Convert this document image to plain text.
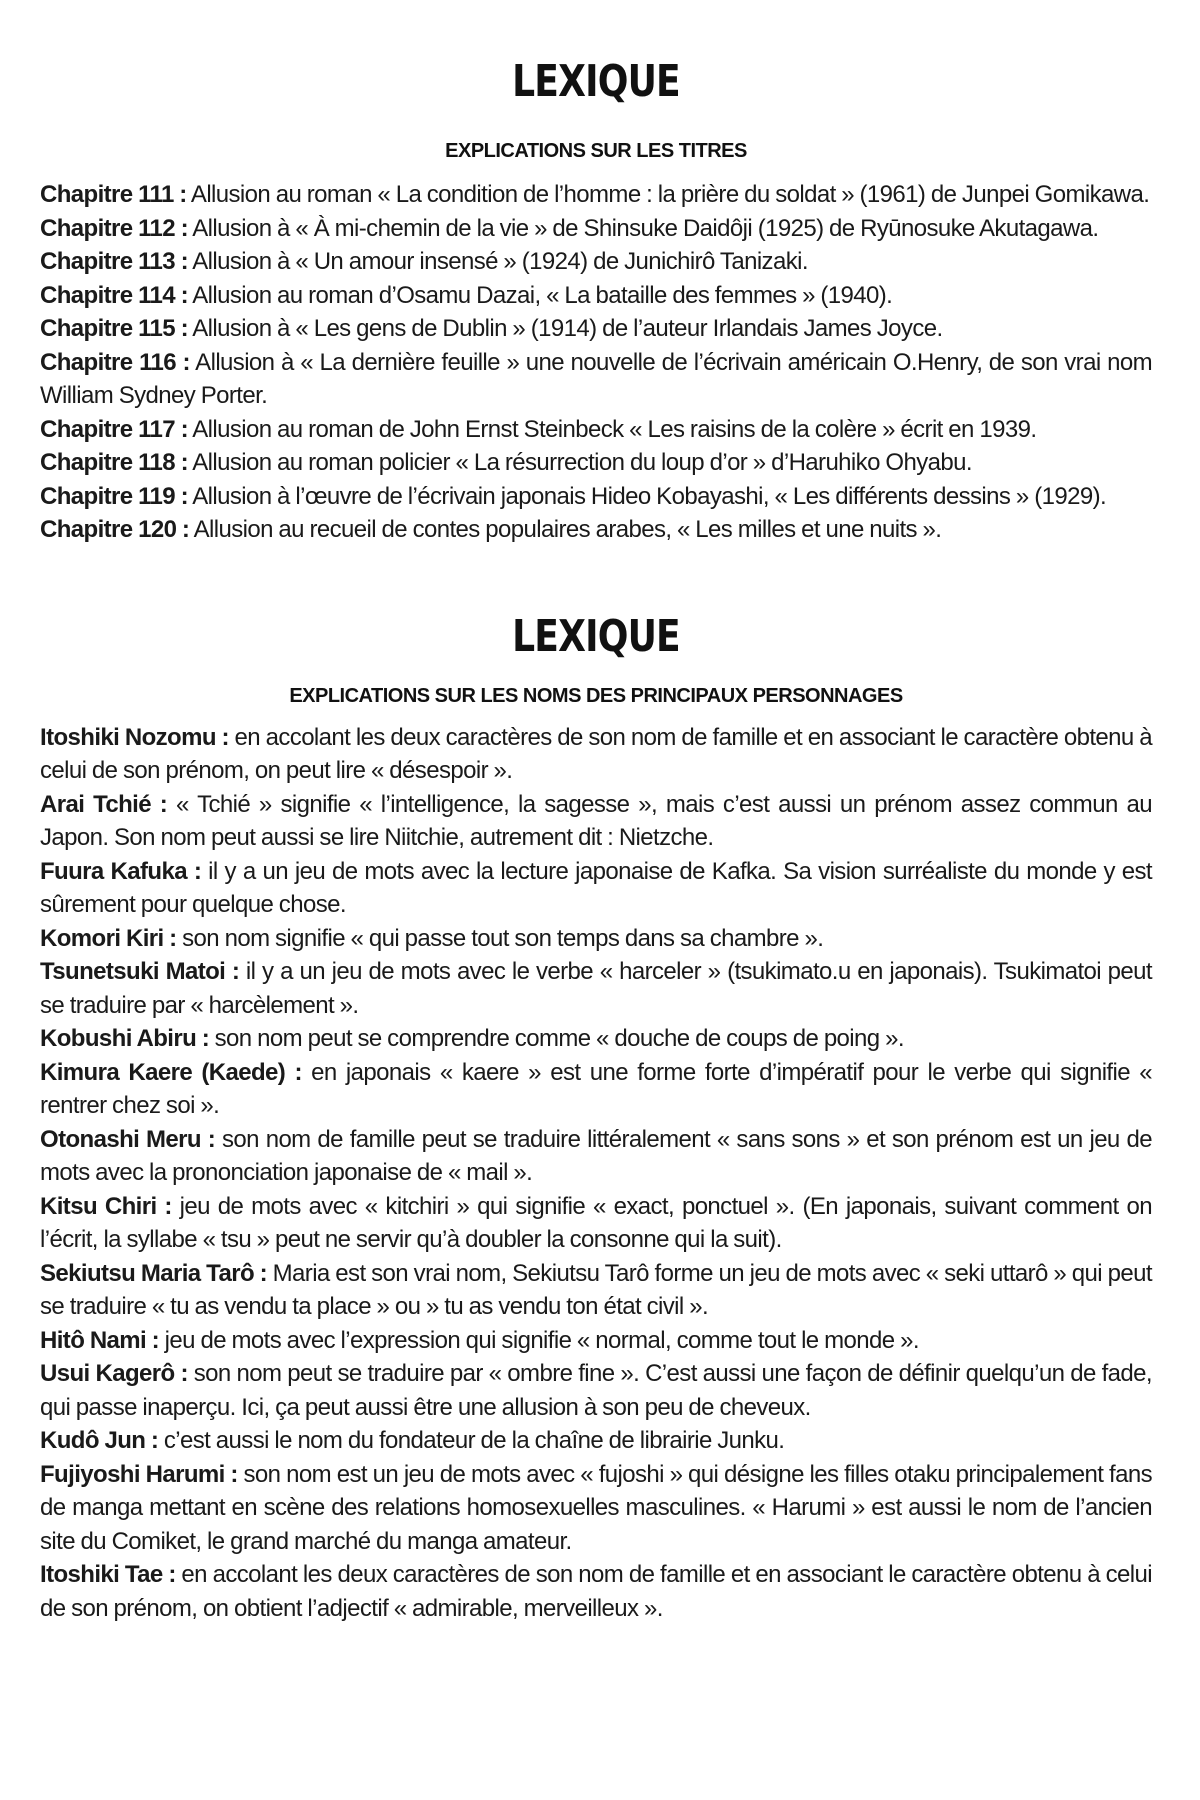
LEXIQUE
EXPLICATIONS SUR LES TITRES

Chapitre 111 : Allusion au roman « La condition de l’homme : la prière du soldat » (1961) de Junpei Gomikawa.

Chapitre 112 : Allusion à « À mi-chemin de la vie » de Shinsuke Daidôji (1925) de Ryūnosuke Akutagawa.

Chapitre 113 : Allusion à « Un amour insensé » (1924) de Junichirô Tanizaki.

Chapitre 114 : Allusion au roman d’Osamu Dazai, « La bataille des femmes » (1940).

Chapitre 115 : Allusion à « Les gens de Dublin » (1914) de l’auteur Irlandais James Joyce.

Chapitre 116 : Allusion à « La dernière feuille » une nouvelle de l’écrivain américain O.Henry, de son vrai nom William Sydney Porter.

Chapitre 117 : Allusion au roman de John Ernst Steinbeck « Les raisins de la colère » écrit en 1939.

Chapitre 118 : Allusion au roman policier « La résurrection du loup d’or » d’Haruhiko Ohyabu.

Chapitre 119 : Allusion à l’œuvre de l’écrivain japonais Hideo Kobayashi, « Les différents dessins » (1929).

Chapitre 120 : Allusion au recueil de contes populaires arabes, « Les milles et une nuits ».

LEXIQUE
EXPLICATIONS SUR LES NOMS DES PRINCIPAUX PERSONNAGES

Itoshiki Nozomu : en accolant les deux caractères de son nom de famille et en associant le caractère obtenu à celui de son prénom, on peut lire « désespoir ».

Arai Tchié : « Tchié » signifie « l’intelligence, la sagesse », mais c’est aussi un prénom assez commun au Japon. Son nom peut aussi se lire Niitchie, autrement dit : Nietzche.

Fuura Kafuka : il y a un jeu de mots avec la lecture japonaise de Kafka. Sa vision surréaliste du monde y est sûrement pour quelque chose.

Komori Kiri : son nom signifie « qui passe tout son temps dans sa chambre ».

Tsunetsuki Matoi : il y a un jeu de mots avec le verbe « harceler » (tsukimato.u en japonais). Tsukimatoi peut se traduire par « harcèlement ».

Kobushi Abiru : son nom peut se comprendre comme « douche de coups de poing ».

Kimura Kaere (Kaede) : en japonais « kaere » est une forme forte d’impératif pour le verbe qui signifie « rentrer chez soi ».

Otonashi Meru : son nom de famille peut se traduire littéralement « sans sons » et son prénom est un jeu de mots avec la prononciation japonaise de « mail ».

Kitsu Chiri : jeu de mots avec « kitchiri » qui signifie « exact, ponctuel ». (En japonais, suivant comment on l’écrit, la syllabe « tsu » peut ne servir qu’à doubler la consonne qui la suit).

Sekiutsu Maria Tarô : Maria est son vrai nom, Sekiutsu Tarô forme un jeu de mots avec « seki uttarô » qui peut se traduire « tu as vendu ta place » ou » tu as vendu ton état civil ».

Hitô Nami : jeu de mots avec l’expression qui signifie « normal, comme tout le monde ».

Usui Kagerô : son nom peut se traduire par « ombre fine ». C’est aussi une façon de définir quelqu’un de fade, qui passe inaperçu. Ici, ça peut aussi être une allusion à son peu de cheveux.

Kudô Jun : c’est aussi le nom du fondateur de la chaîne de librairie Junku.

Fujiyoshi Harumi : son nom est un jeu de mots avec « fujoshi » qui désigne les filles otaku principalement fans de manga mettant en scène des relations homosexuelles masculines. « Harumi » est aussi le nom de l’ancien site du Comiket, le grand marché du manga amateur.

Itoshiki Tae : en accolant les deux caractères de son nom de famille et en associant le caractère obtenu à celui de son prénom, on obtient l’adjectif « admirable, merveilleux ».
